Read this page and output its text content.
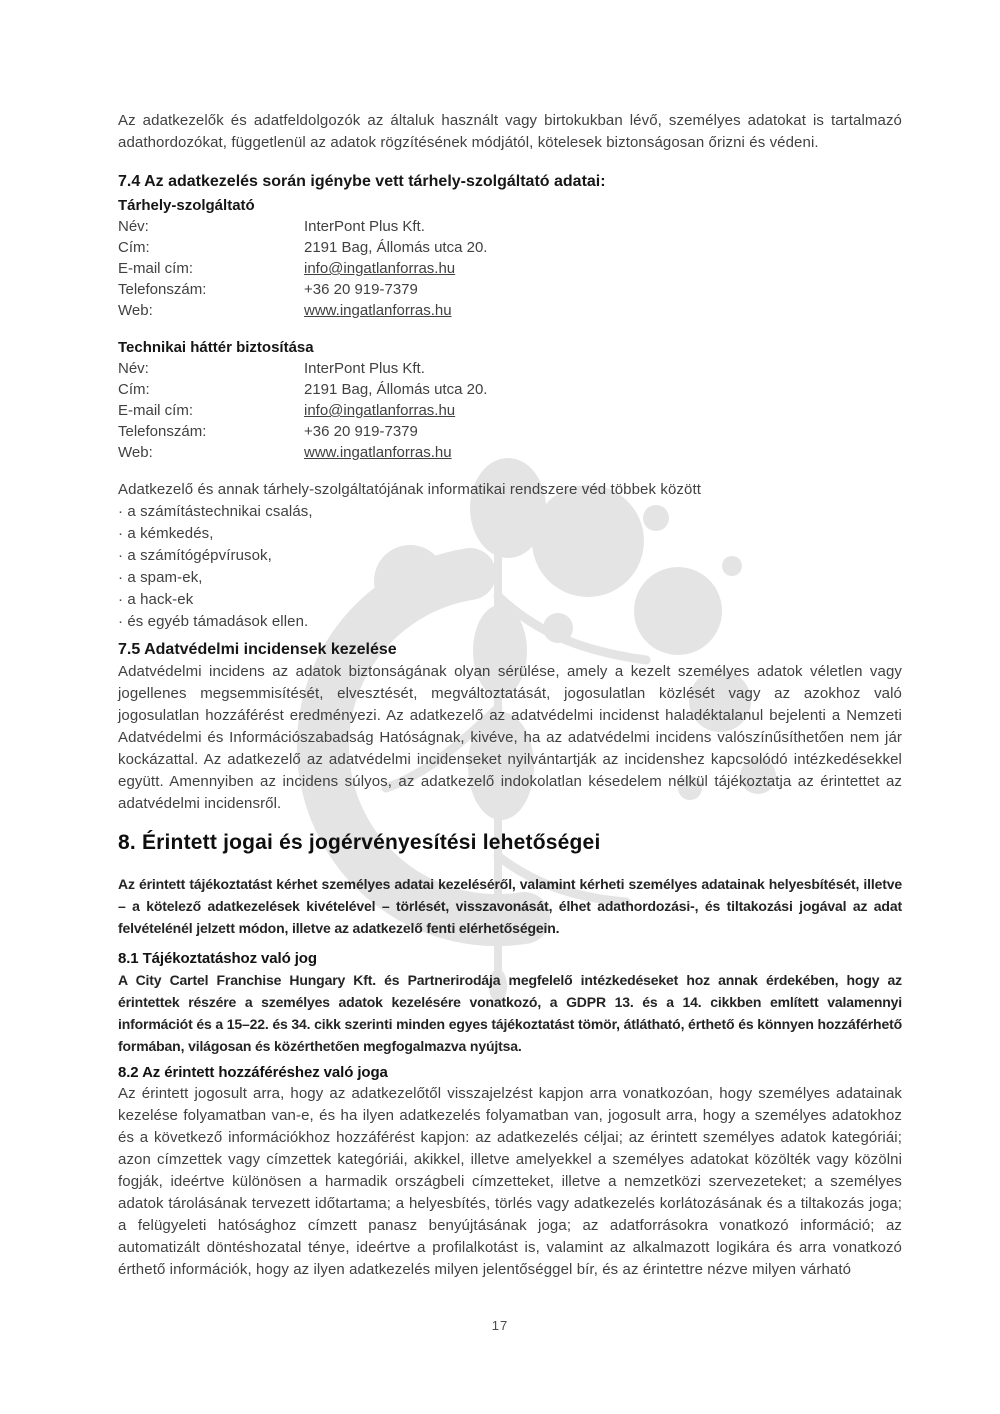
Az adatkezelők és adatfeldolgozók az általuk használt vagy birtokukban lévő, személyes adatokat is tartalmazó adathordozókat, függetlenül az adatok rögzítésének módjától, kötelesek biztonságosan őrizni és védeni.

7.4 Az adatkezelés során igénybe vett tárhely-szolgáltató adatai:

Tárhely-szolgáltató

Név:	InterPont Plus Kft.
Cím:	2191 Bag, Állomás utca 20.
E-mail cím:	info@ingatlanforras.hu
Telefonszám:	+36 20 919-7379
Web:	www.ingatlanforras.hu

Technikai háttér biztosítása

Név:	InterPont Plus Kft.
Cím:	2191 Bag, Állomás utca 20.
E-mail cím:	info@ingatlanforras.hu
Telefonszám:	+36 20 919-7379
Web:	www.ingatlanforras.hu

Adatkezelő és annak tárhely-szolgáltatójának informatikai rendszere véd többek között

· a számítástechnikai csalás,

· a kémkedés,

· a számítógépvírusok,

· a spam-ek,

· a hack-ek

· és egyéb támadások ellen.

7.5 Adatvédelmi incidensek kezelése

Adatvédelmi incidens az adatok biztonságának olyan sérülése, amely a kezelt személyes adatok véletlen vagy jogellenes megsemmisítését, elvesztését, megváltoztatását, jogosulatlan közlését vagy az azokhoz való jogosulatlan hozzáférést eredményezi. Az adatkezelő az adatvédelmi incidenst haladéktalanul bejelenti a Nemzeti Adatvédelmi és Információszabadság Hatóságnak, kivéve, ha az adatvédelmi incidens valószínűsíthetően nem jár kockázattal. Az adatkezelő az adatvédelmi incidenseket nyilvántartják az incidenshez kapcsolódó intézkedésekkel együtt. Amennyiben az incidens súlyos, az adatkezelő indokolatlan késedelem nélkül tájékoztatja az érintettet az adatvédelmi incidensről.

8. Érintett jogai és jogérvényesítési lehetőségei

Az érintett tájékoztatást kérhet személyes adatai kezeléséről, valamint kérheti személyes adatainak helyesbítését, illetve – a kötelező adatkezelések kivételével – törlését, visszavonását, élhet adathordozási-, és tiltakozási jogával az adat felvételénél jelzett módon, illetve az adatkezelő fenti elérhetőségein.

8.1 Tájékoztatáshoz való jog

A City Cartel Franchise Hungary Kft. és Partnerirodája megfelelő intézkedéseket hoz annak érdekében, hogy az érintettek részére a személyes adatok kezelésére vonatkozó, a GDPR 13. és a 14. cikkben említett valamennyi információt és a 15–22. és 34. cikk szerinti minden egyes tájékoztatást tömör, átlátható, érthető és könnyen hozzáférhető formában, világosan és közérthetően megfogalmazva nyújtsa.

8.2 Az érintett hozzáféréshez való joga

Az érintett jogosult arra, hogy az adatkezelőtől visszajelzést kapjon arra vonatkozóan, hogy személyes adatainak kezelése folyamatban van-e, és ha ilyen adatkezelés folyamatban van, jogosult arra, hogy a személyes adatokhoz és a következő információkhoz hozzáférést kapjon: az adatkezelés céljai; az érintett személyes adatok kategóriái; azon címzettek vagy címzettek kategóriái, akikkel, illetve amelyekkel a személyes adatokat közölték vagy közölni fogják, ideértve különösen a harmadik országbeli címzetteket, illetve a nemzetközi szervezeteket; a személyes adatok tárolásának tervezett időtartama; a helyesbítés, törlés vagy adatkezelés korlátozásának és a tiltakozás joga; a felügyeleti hatósághoz címzett panasz benyújtásának joga; az adatforrásokra vonatkozó információ; az automatizált döntéshozatal ténye, ideértve a profilalkotást is, valamint az alkalmazott logikára és arra vonatkozó érthető információk, hogy az ilyen adatkezelés milyen jelentőséggel bír, és az érintettre nézve milyen várható

17
